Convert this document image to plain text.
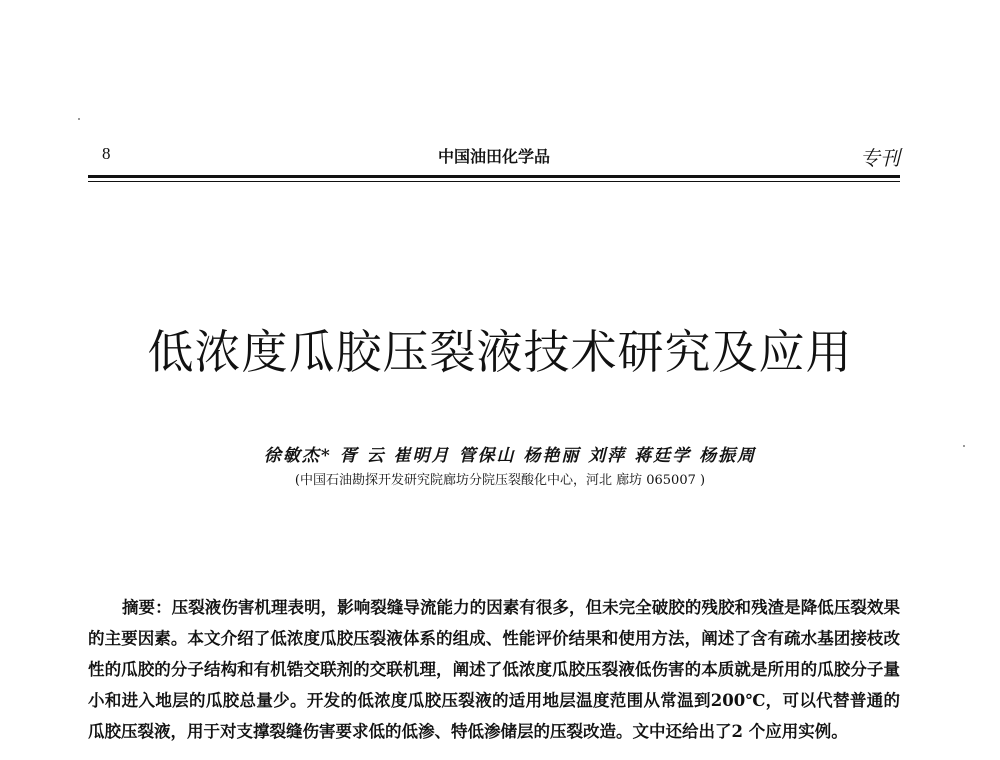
8	中国油田化学品	专刊
低浓度瓜胶压裂液技术研究及应用
徐敏杰* 胥 云 崔明月 管保山 杨艳丽 刘萍 蒋廷学 杨振周
(中国石油勘探开发研究院廊坊分院压裂酸化中心，河北 廊坊 065007 )

摘要：压裂液伤害机理表明，影响裂缝导流能力的因素有很多，但未完全破胶的残胶和残渣是降低压裂效果的主要因素。本文介绍了低浓度瓜胶压裂液体系的组成、性能评价结果和使用方法，阐述了含有疏水基团接枝改性的瓜胶的分子结构和有机锆交联剂的交联机理，阐述了低浓度瓜胶压裂液低伤害的本质就是所用的瓜胶分子量小和进入地层的瓜胶总量少。开发的低浓度瓜胶压裂液的适用地层温度范围从常温到200℃，可以代替普通的瓜胶压裂液，用于对支撑裂缝伤害要求低的低渗、特低渗储层的压裂改造。文中还给出了2 个应用实例。
